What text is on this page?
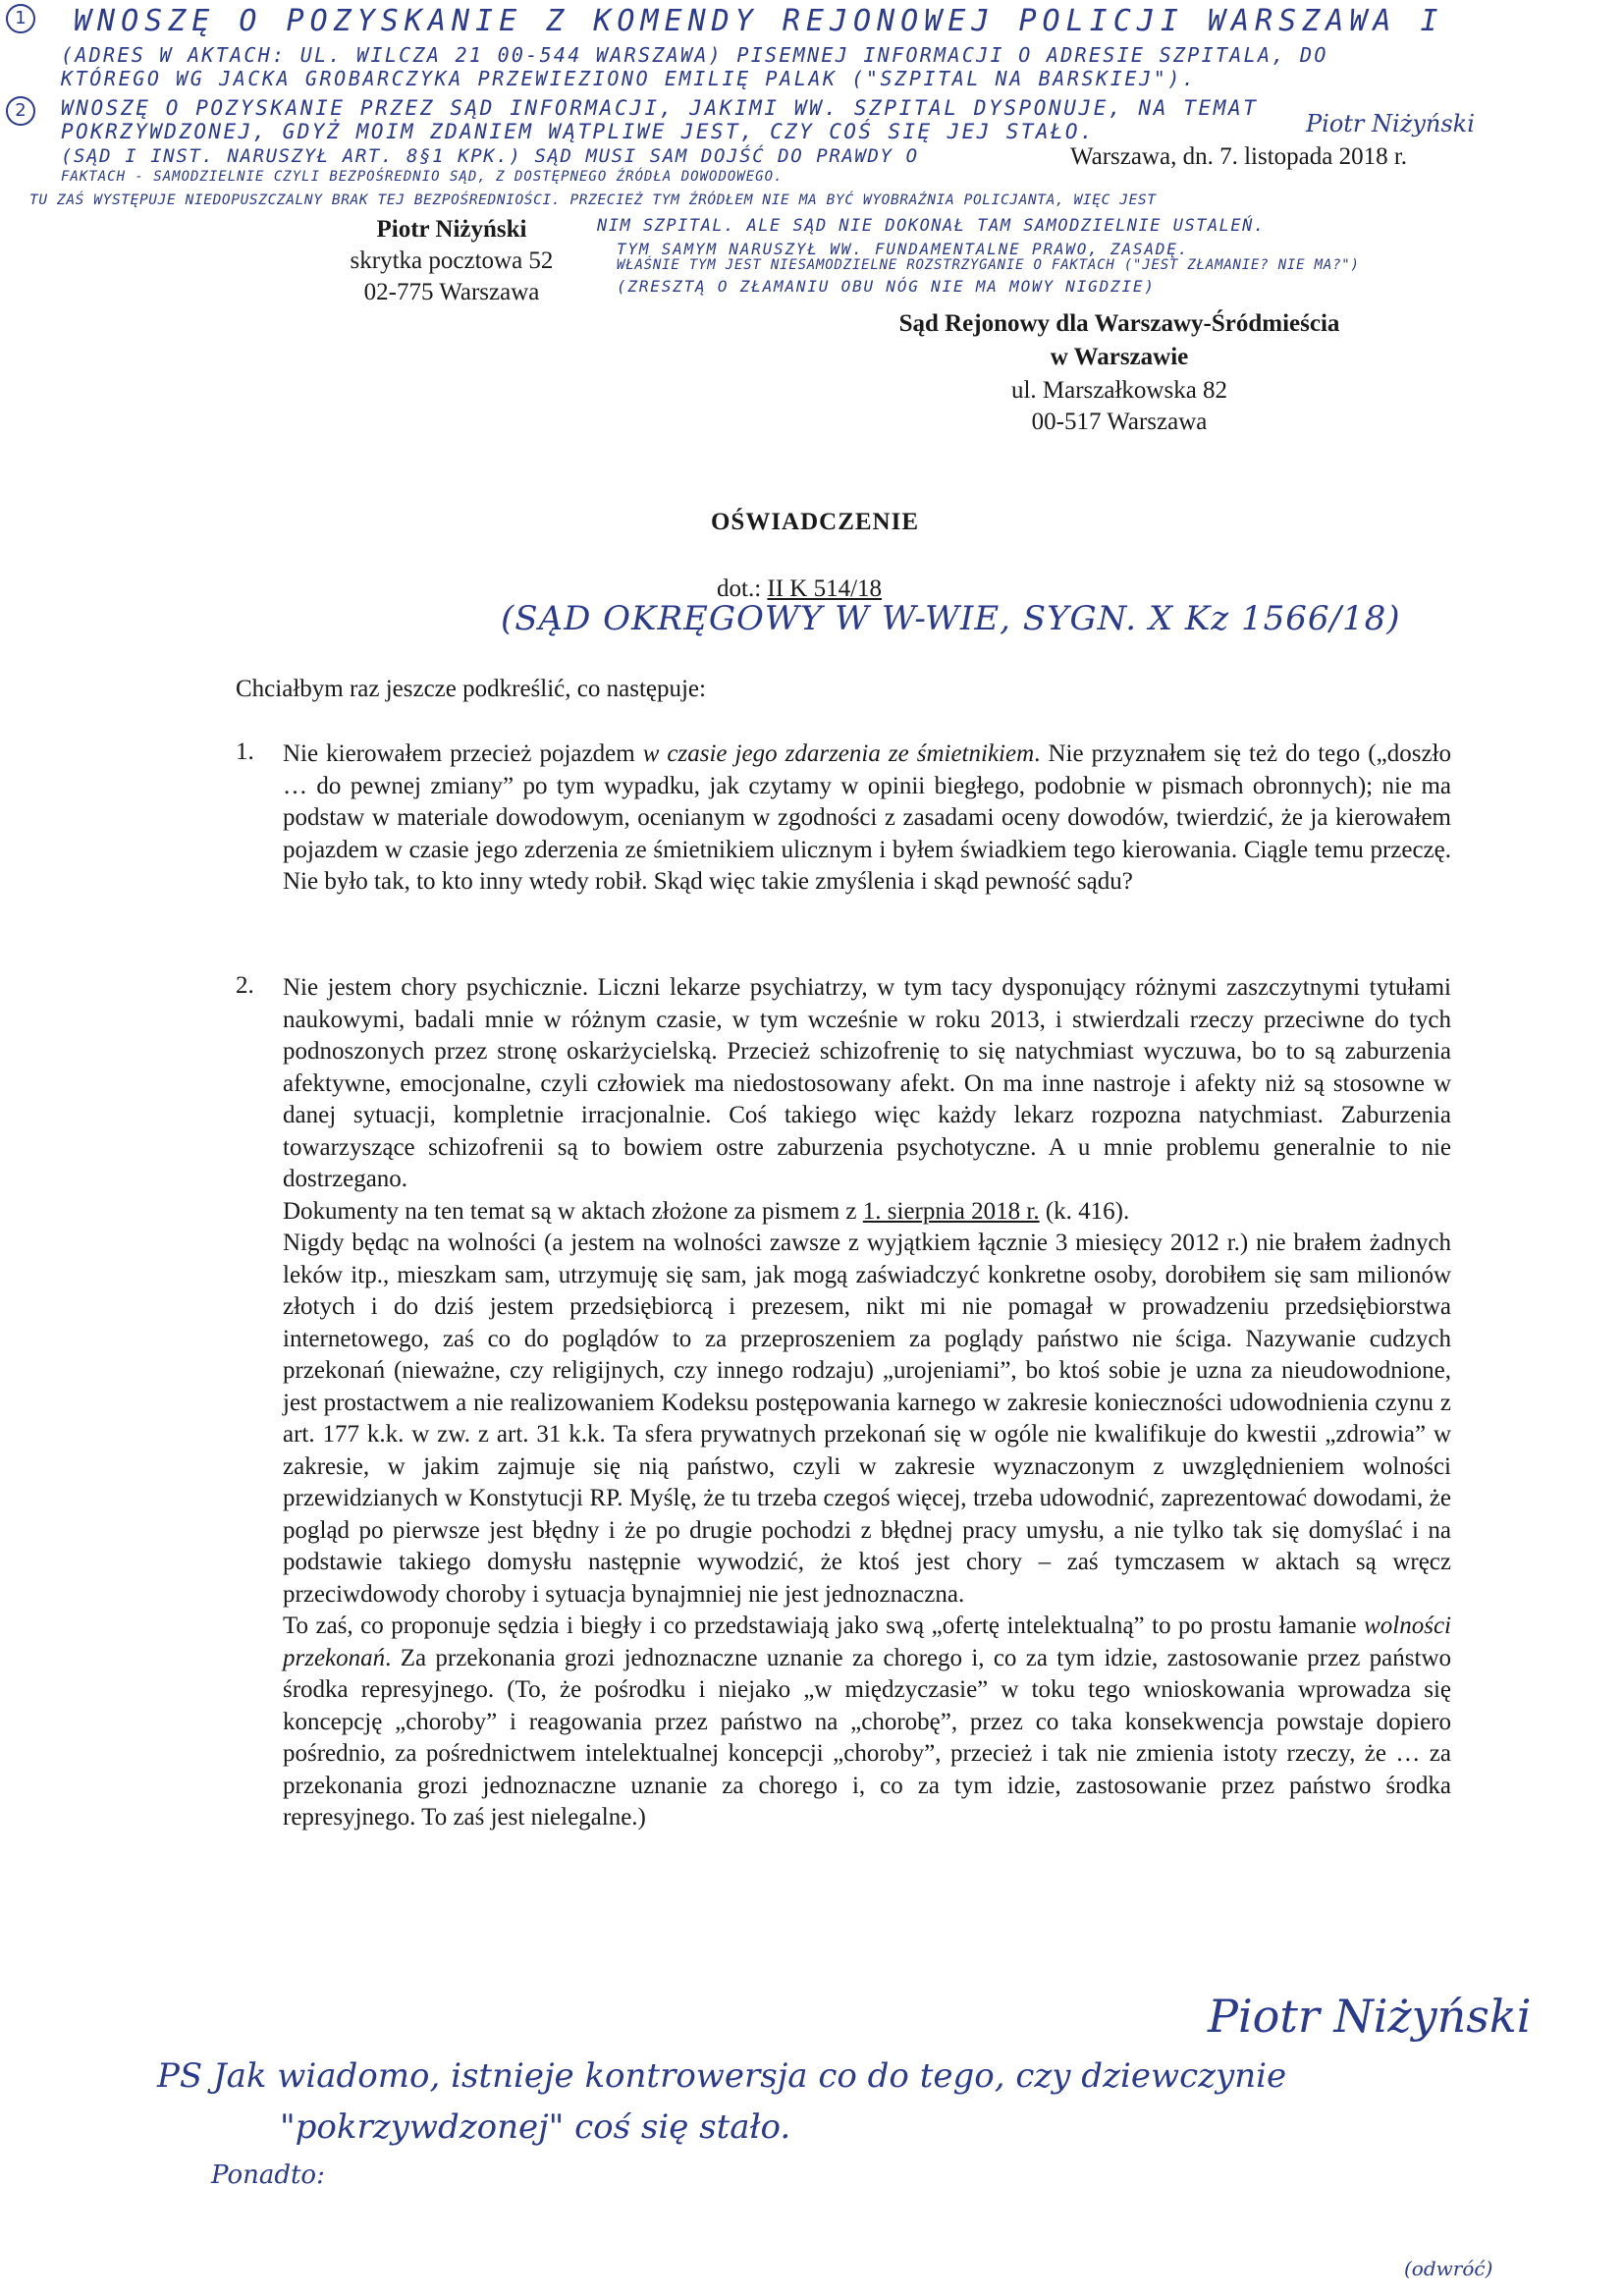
1	WNOSZĘ O POZYSKANIE Z KOMENDY REJONOWEJ POLICJI WARSZAWA I
(ADRES W AKTACH: UL. WILCZA 21 00-544 WARSZAWA) PISEMNEJ INFORMACJI O ADRESIE SZPITALA, DO
KTÓREGO WG JACKA GROBARCZYKA PRZEWIEZIONO EMILIĘ PALAK ("SZPITAL NA BARSKIEJ").
2	WNOSZĘ O POZYSKANIE PRZEZ SĄD INFORMACJI, JAKIMI WW. SZPITAL DYSPONUJE, NA TEMAT
POKRZYWDZONEJ, GDYŻ MOIM ZDANIEM WĄTPLIWE JEST, CZY COŚ SIĘ JEJ STAŁO.	Piotr Niżyński
(SĄD I INST. NARUSZYŁ ART. 8§1 KPK.) SĄD MUSI SAM DOJŚĆ DO PRAWDY O
FAKTACH - SAMODZIELNIE CZYLI BEZPOŚREDNIO SĄD, Z DOSTĘPNEGO ŹRÓDŁA DOWODOWEGO.
TU ZAŚ WYSTĘPUJE NIEDOPUSZCZALNY BRAK TEJ BEZPOŚREDNIOŚCI. PRZECIEŻ TYM ŹRÓDŁEM NIE MA BYĆ WYOBRAŹNIA POLICJANTA, WIĘC JEST
NIM SZPITAL. ALE SĄD NIE DOKONAŁ TAM SAMODZIELNIE USTALEŃ.
TYM SAMYM NARUSZYŁ WW. FUNDAMENTALNE PRAWO, ZASADĘ.
WŁAŚNIE TYM JEST NIESAMODZIELNE ROZSTRZYGANIE O FAKTACH ("JEST ZŁAMANIE? NIE MA?")
(ZRESZTĄ O ZŁAMANIU OBU NÓG NIE MA MOWY NIGDZIE)
Warszawa, dn. 7. listopada 2018 r.
Piotr Niżyński
skrytka pocztowa 52
02-775 Warszawa
Sąd Rejonowy dla Warszawy-Śródmieścia
w Warszawie
ul. Marszałkowska 82
00-517 Warszawa
OŚWIADCZENIE
dot.: II K 514/18
(SĄD OKRĘGOWY W W-WIE, SYGN. X Kz 1566/18)
Chciałbym raz jeszcze podkreślić, co następuje:
1. Nie kierowałem przecież pojazdem w czasie jego zdarzenia ze śmietnikiem. Nie przyznałem się też do tego („doszło … do pewnej zmiany” po tym wypadku, jak czytamy w opinii biegłego, podobnie w pismach obronnych); nie ma podstaw w materiale dowodowym, ocenianym w zgodności z zasadami oceny dowodów, twierdzić, że ja kierowałem pojazdem w czasie jego zderzenia ze śmietnikiem ulicznym i byłem świadkiem tego kierowania. Ciągle temu przeczę. Nie było tak, to kto inny wtedy robił. Skąd więc takie zmyślenia i skąd pewność sądu?
2. Nie jestem chory psychicznie. Liczni lekarze psychiatrzy, w tym tacy dysponujący różnymi zaszczytnymi tytułami naukowymi, badali mnie w różnym czasie, w tym wcześnie w roku 2013, i stwierdzali rzeczy przeciwne do tych podnoszonych przez stronę oskarżycielską. Przecież schizofrenię to się natychmiast wyczuwa, bo to są zaburzenia afektywne, emocjonalne, czyli człowiek ma niedostosowany afekt. On ma inne nastroje i afekty niż są stosowne w danej sytuacji, kompletnie irracjonalnie. Coś takiego więc każdy lekarz rozpozna natychmiast. Zaburzenia towarzyszące schizofrenii są to bowiem ostre zaburzenia psychotyczne. A u mnie problemu generalnie to nie dostrzegano.

Dokumenty na ten temat są w aktach złożone za pismem z 1. sierpnia 2018 r. (k. 416).

Nigdy będąc na wolności (a jestem na wolności zawsze z wyjątkiem łącznie 3 miesięcy 2012 r.) nie brałem żadnych leków itp., mieszkam sam, utrzymuję się sam, jak mogą zaświadczyć konkretne osoby, dorobiłem się sam milionów złotych i do dziś jestem przedsiębiorcą i prezesem, nikt mi nie pomagał w prowadzeniu przedsiębiorstwa internetowego, zaś co do poglądów to za przeproszeniem za poglądy państwo nie ściga. Nazywanie cudzych przekonań (nieważne, czy religijnych, czy innego rodzaju) „urojeniami”, bo ktoś sobie je uzna za nieudowodnione, jest prostactwem a nie realizowaniem Kodeksu postępowania karnego w zakresie konieczności udowodnienia czynu z art. 177 k.k. w zw. z art. 31 k.k. Ta sfera prywatnych przekonań się w ogóle nie kwalifikuje do kwestii „zdrowia” w zakresie, w jakim zajmuje się nią państwo, czyli w zakresie wyznaczonym z uwzględnieniem wolności przewidzianych w Konstytucji RP. Myślę, że tu trzeba czegoś więcej, trzeba udowodnić, zaprezentować dowodami, że pogląd po pierwsze jest błędny i że po drugie pochodzi z błędnej pracy umysłu, a nie tylko tak się domyślać i na podstawie takiego domysłu następnie wywodzić, że ktoś jest chory – zaś tymczasem w aktach są wręcz przeciwdowody choroby i sytuacja bynajmniej nie jest jednoznaczna.

To zaś, co proponuje sędzia i biegły i co przedstawiają jako swą „ofertę intelektualną” to po prostu łamanie wolności przekonań. Za przekonania grozi jednoznaczne uznanie za chorego i, co za tym idzie, zastosowanie przez państwo środka represyjnego. (To, że pośrodku i niejako „w międzyczasie” w toku tego wnioskowania wprowadza się koncepcję „choroby” i reagowania przez państwo na „chorobę”, przez co taka konsekwencja powstaje dopiero pośrednio, za pośrednictwem intelektualnej koncepcji „choroby”, przecież i tak nie zmienia istoty rzeczy, że … za przekonania grozi jednoznaczne uznanie za chorego i, co za tym idzie, zastosowanie przez państwo środka represyjnego. To zaś jest nielegalne.)

Piotr Niżyński
PS Jak wiadomo, istnieje kontrowersja co do tego, czy dziewczynie
"pokrzywdzonej" coś się stało.
Ponadto:
(odwróć)
